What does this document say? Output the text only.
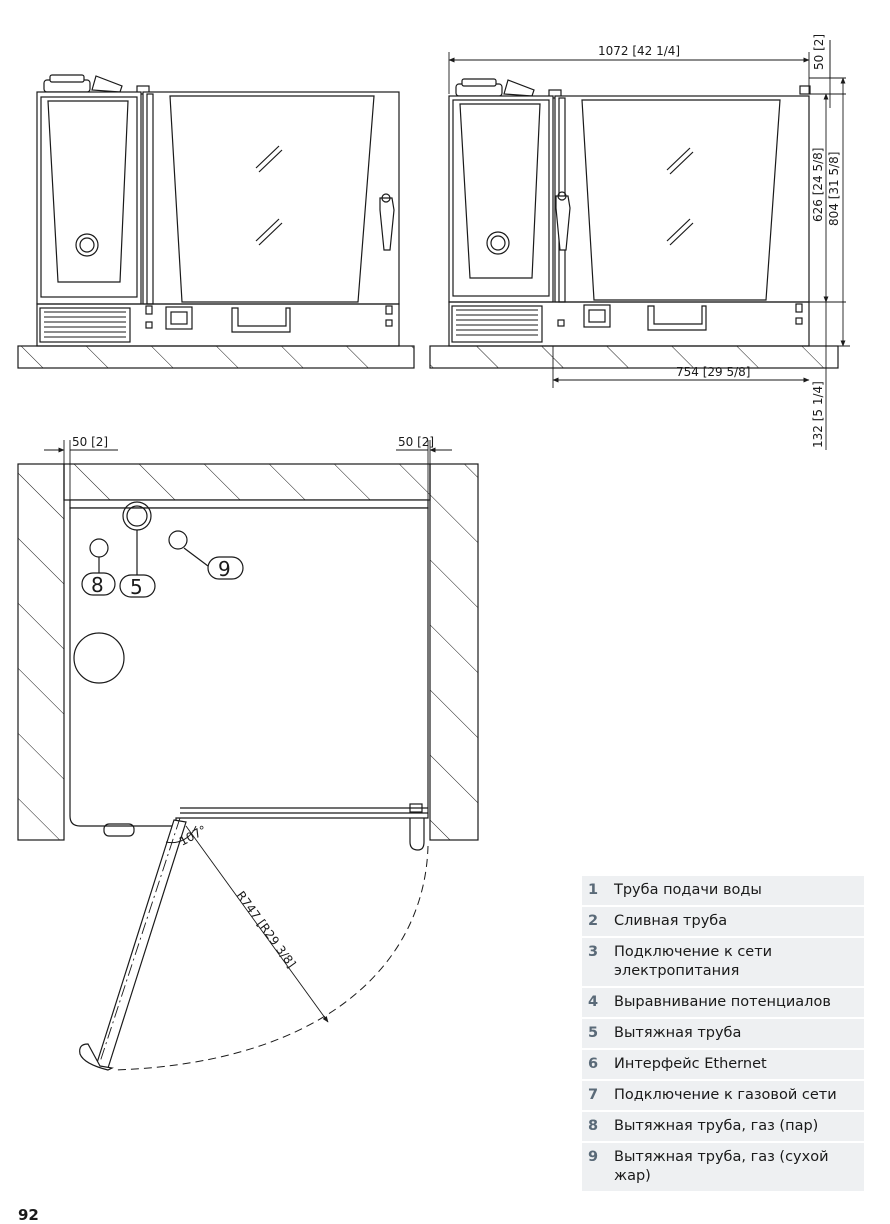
1072 [42 1/4]	50 [2]
626 [24 5/8] 804 [31 5/8]
754 [29 5/8]
132 [5 1/4]
50 [2]	50 [2]
R747 [R29 3/8]
107°
8 5
9
1	Труба подачи воды
2	Сливная труба
3	Подключение к сети электропитания
4	Выравнивание потенциалов
5	Вытяжная труба
6	Интерфейс Ethernet
7	Подключение к газовой сети
8	Вытяжная труба, газ (пар)
9	Вытяжная труба, газ (сухой жар)
92
